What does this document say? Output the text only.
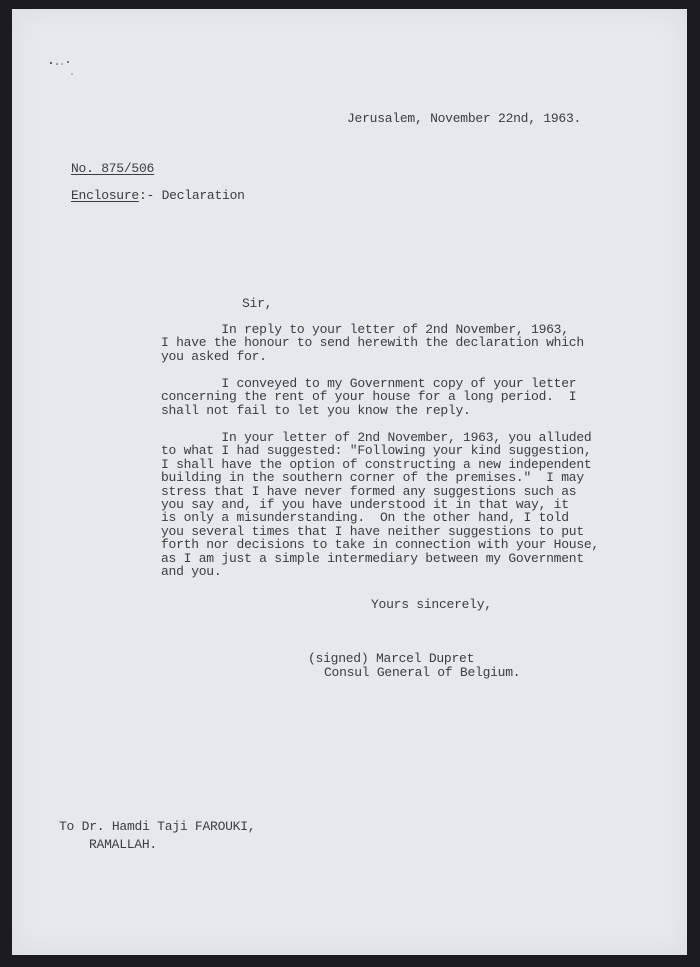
Jerusalem, November 22nd, 1963.
No. 875/506
Enclosure:- Declaration
Sir,
In reply to your letter of 2nd November, 1963,
I have the honour to send herewith the declaration which
you asked for.
I conveyed to my Government copy of your letter
concerning the rent of your house for a long period.  I
shall not fail to let you know the reply.
In your letter of 2nd November, 1963, you alluded
to what I had suggested: "Following your kind suggestion,
I shall have the option of constructing a new independent
building in the southern corner of the premises."  I may
stress that I have never formed any suggestions such as
you say and, if you have understood it in that way, it
is only a misunderstanding.  On the other hand, I told
you several times that I have neither suggestions to put
forth nor decisions to take in connection with your House,
as I am just a simple intermediary between my Government
and you.
Yours sincerely,
(signed) Marcel Dupret
Consul General of Belgium.
To Dr. Hamdi Taji FAROUKI,
RAMALLAH.
